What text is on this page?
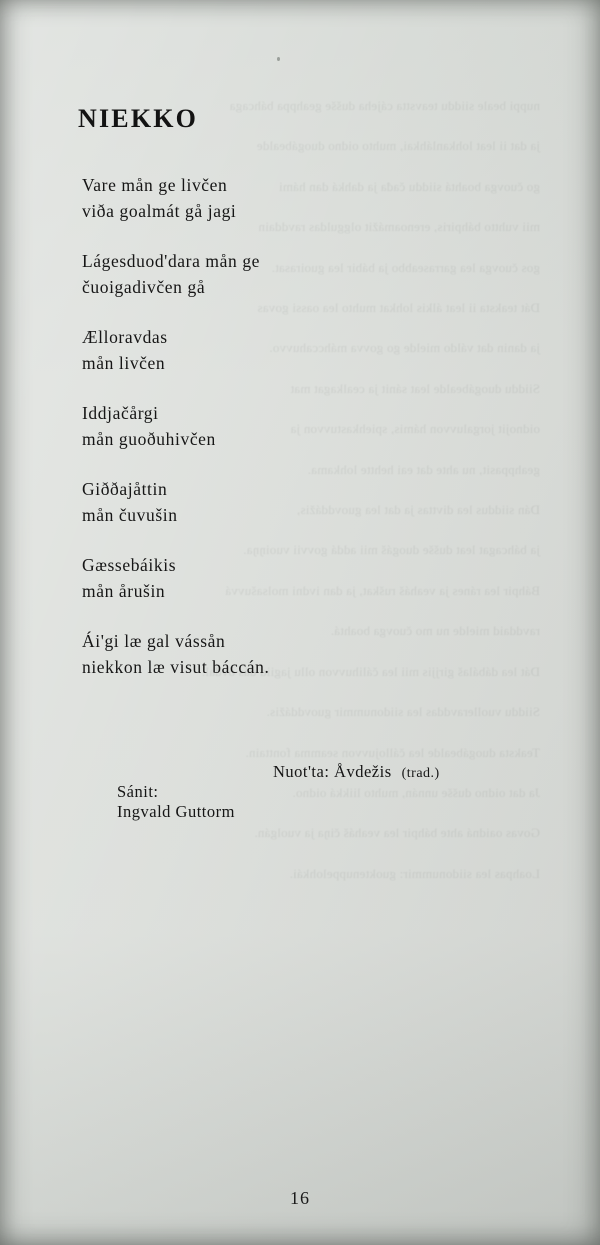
nuppi beale siiddu teavstta cájeha dušše geahppa báhcaga

ja dat ii leat lohkanláhkai, muhto oidno duogábealde

go čuovga boahtá siiddu čađa ja dahká dan hámi

mii vuhtto báhpiris, erenoamážit olgguldas ravddain

gos čuovga lea garraseabbo ja bábir lea guoirasat.

Dát teaksta ii leat álkis lohkat muhto lea oassi govas

ja danin dat váldo mielde go govva máhccahuvvo.

Siiddu duogábealde leat sánit ja cealkagat mat

oidnojit jorgaluvvon hámis, spiehkastuvvon ja

geahppasit, nu ahte dat eai hehtte lohkama.

Dán siiddus lea divttas ja dat lea guovddážis,

ja báhcagat leat dušše duogáš mii addá govvii vuoiŋŋa.

Báhpir lea ránes ja veaháš ruškat, ja dan ivdni molsašuvvá

ravddaid mielde nu mo čuovga boahtá.

Dát lea dábálaš girjjis mii lea čálihuvvon ollu jagiid dás ovdal.

Siiddu vuolleravddas lea siidonummir guovddážis.

Teaksta duogábealde lea čállojuvvon seamma fonttain.

Ja dat oidno dušše unnán, muhto liikká oidno.

Govas oaidná ahte báhpir lea veaháš čiŋa ja vuolgán.

Loahpas lea siidonummir: guoktenuppelohkái.

NIEKKO
Vare mån ge livčen
viða goalmát gå jagi
Lágesduod'dara mån ge
čuoigadivčen gå
Ælloravdas
mån livčen
Iddjačårgi
mån guoðuhivčen
Giððajåttin
mån čuvušin
Gæssebáikis
mån årušin
Ái'gi læ gal vássån
niekkon læ visut báccán.

Sánit:
Ingvald Guttorm

Nuot'ta: Åvdežis (trad.)
16
